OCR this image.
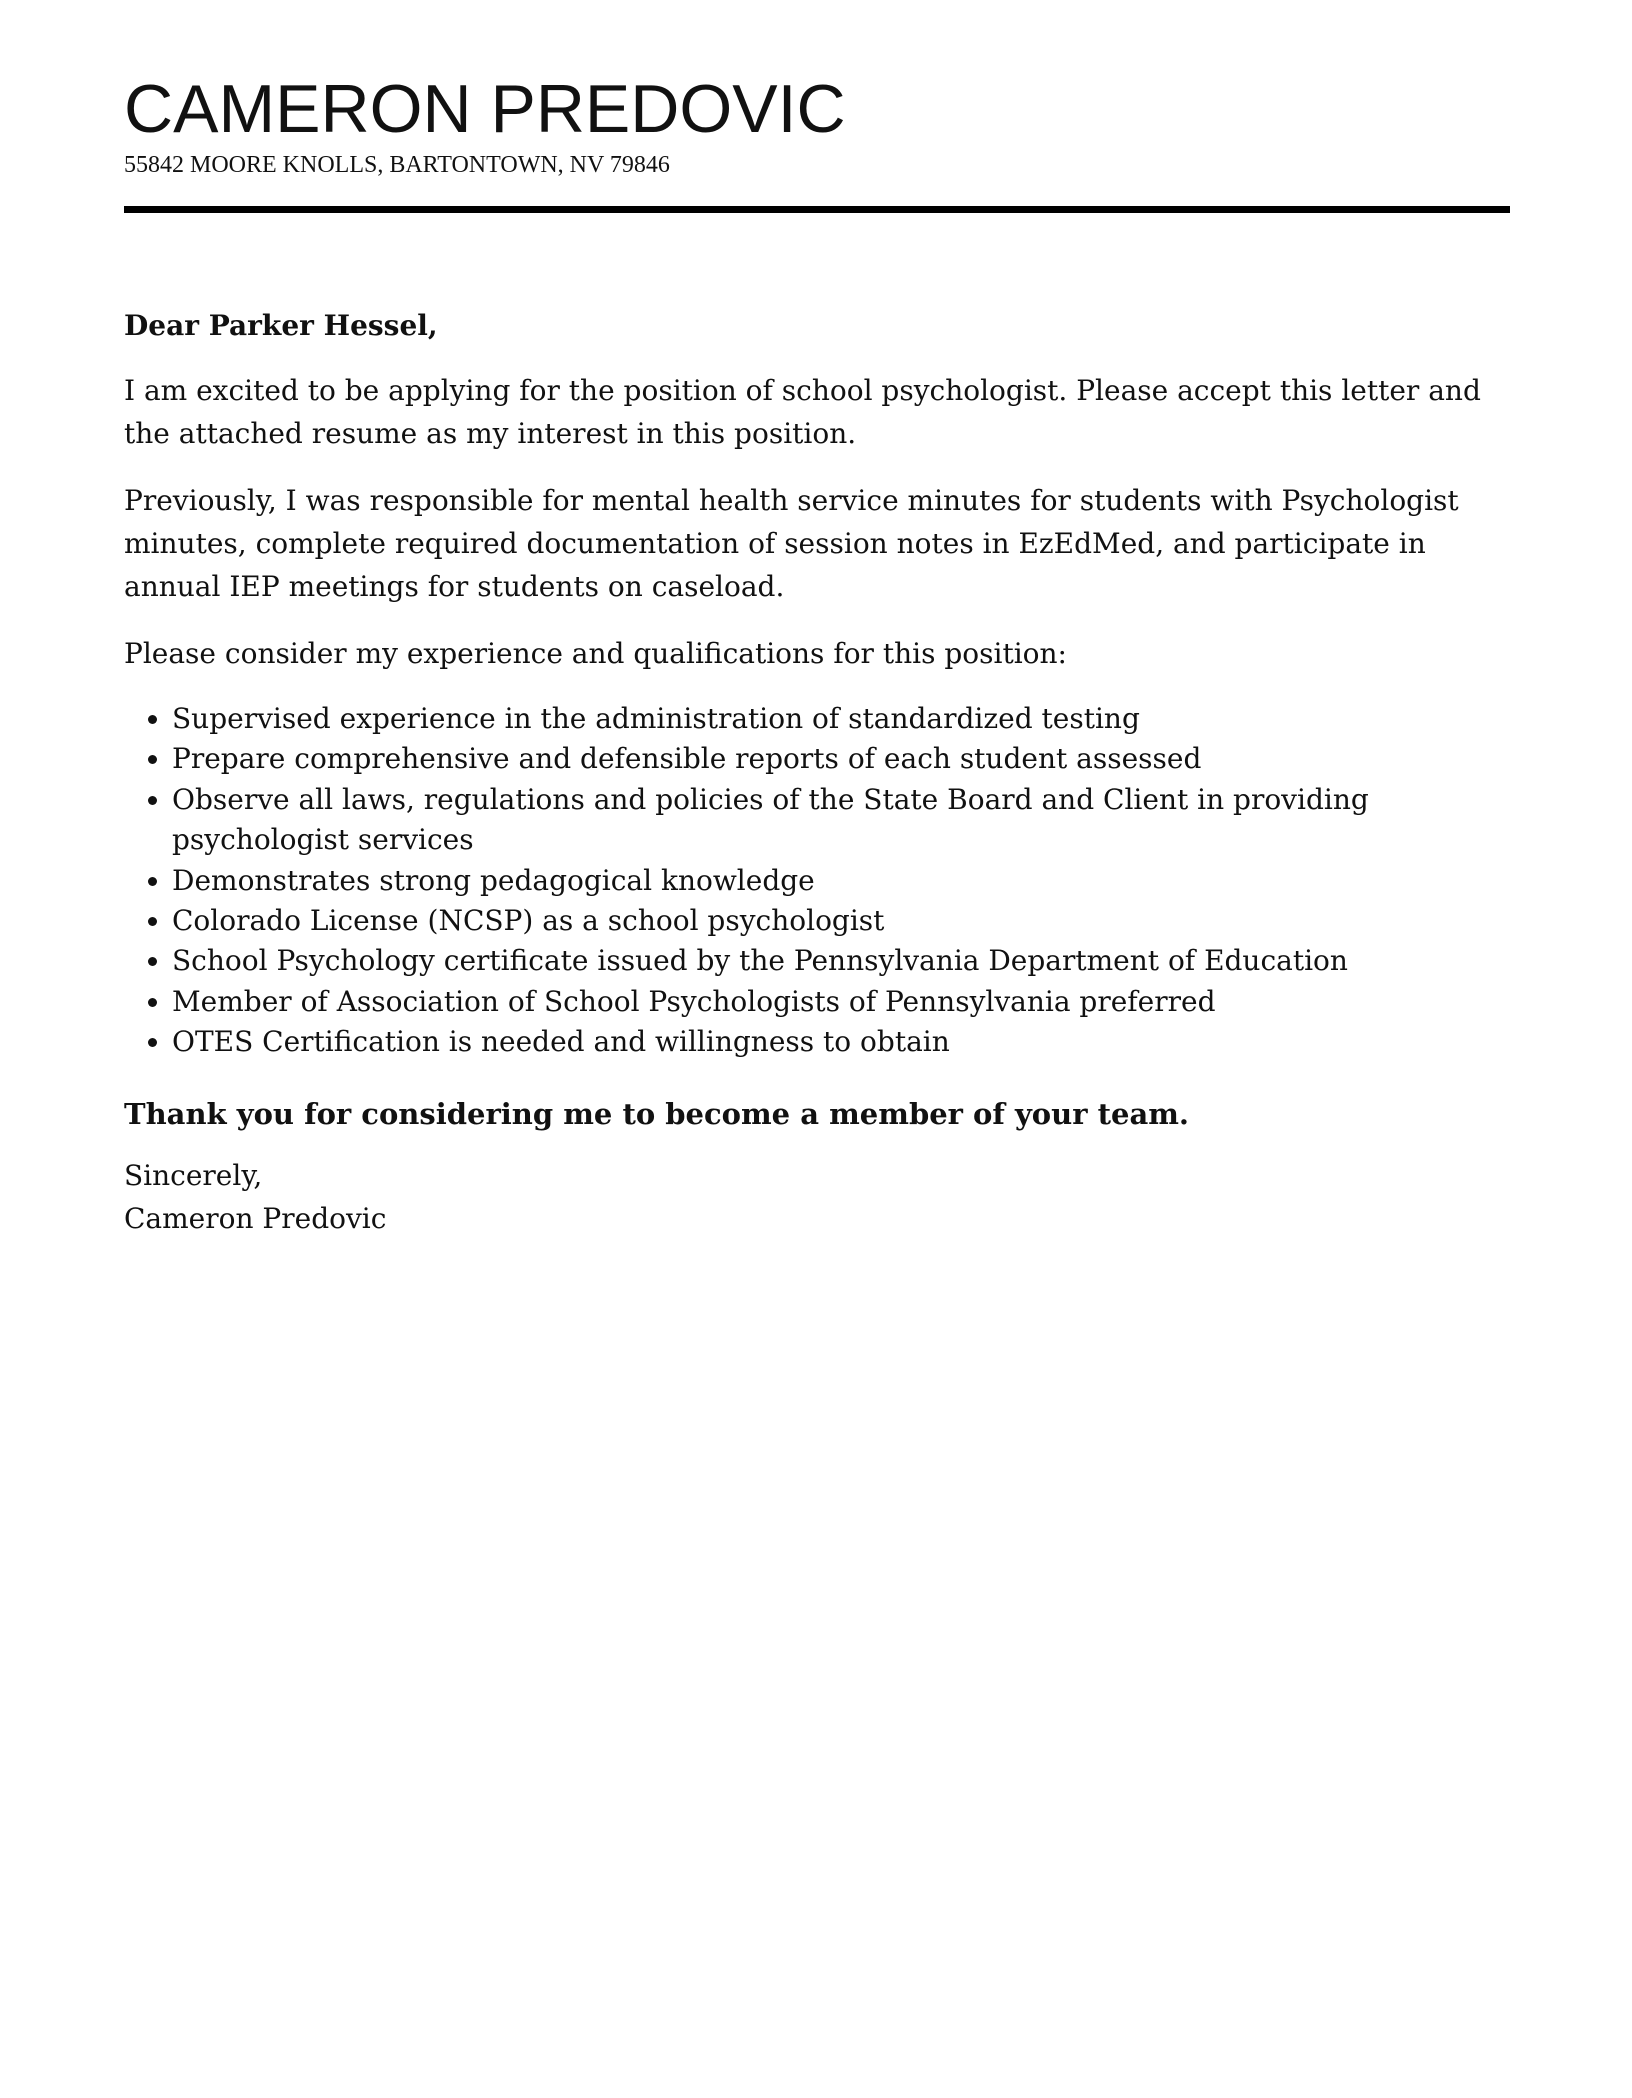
CAMERON PREDOVIC

55842 MOORE KNOLLS, BARTONTOWN, NV 79846

Dear Parker Hessel,

I am excited to be applying for the position of school psychologist. Please accept this letter and the attached resume as my interest in this position.

Previously, I was responsible for mental health service minutes for students with Psychologist minutes, complete required documentation of session notes in EzEdMed, and participate in annual IEP meetings for students on caseload.

Please consider my experience and qualifications for this position:

• Supervised experience in the administration of standardized testing
• Prepare comprehensive and defensible reports of each student assessed
• Observe all laws, regulations and policies of the State Board and Client in providing psychologist services
• Demonstrates strong pedagogical knowledge
• Colorado License (NCSP) as a school psychologist
• School Psychology certificate issued by the Pennsylvania Department of Education
• Member of Association of School Psychologists of Pennsylvania preferred
• OTES Certification is needed and willingness to obtain

Thank you for considering me to become a member of your team.

Sincerely,

Cameron Predovic
